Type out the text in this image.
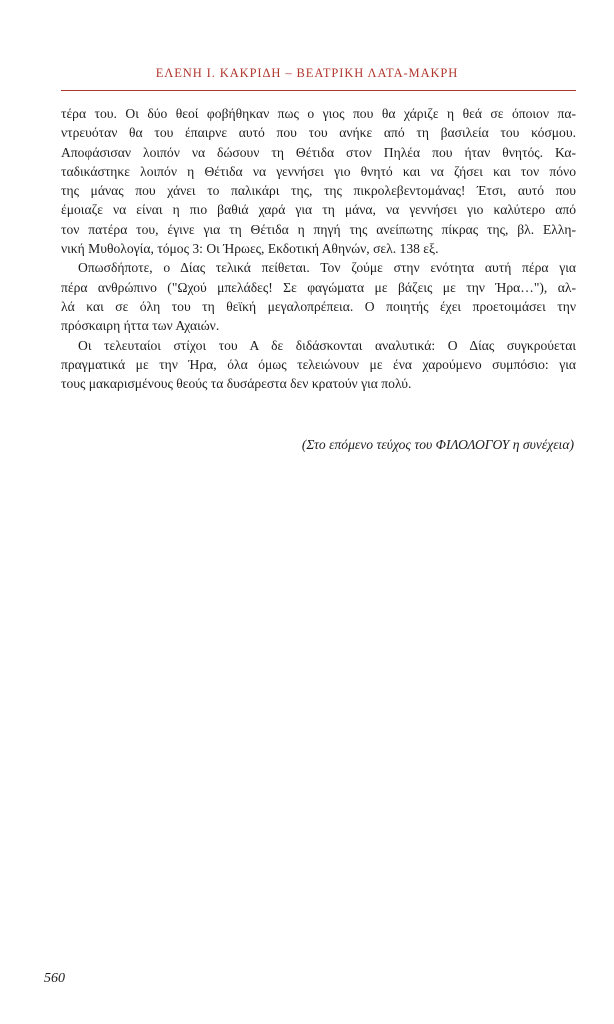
ΕΛΕΝΗ Ι. ΚΑΚΡΙΔΗ – ΒΕΑΤΡΙΚΗ ΛΑΤΑ-ΜΑΚΡΗ
τέρα του. Οι δύο θεοί φοβήθηκαν πως ο γιος που θα χάριζε η θεά σε όποιον πα-
ντρευόταν θα του έπαιρνε αυτό που του ανήκε από τη βασιλεία του κόσμου.
Αποφάσισαν λοιπόν να δώσουν τη Θέτιδα στον Πηλέα που ήταν θνητός. Κα-
ταδικάστηκε λοιπόν η Θέτιδα να γεννήσει γιο θνητό και να ζήσει και τον πόνο
της μάνας που χάνει το παλικάρι της, της πικρολεβεντομάνας! Έτσι, αυτό που
έμοιαζε να είναι η πιο βαθιά χαρά για τη μάνα, να γεννήσει γιο καλύτερο από
τον πατέρα του, έγινε για τη Θέτιδα η πηγή της ανείπωτης πίκρας της, βλ. Ελλη-
νική Μυθολογία, τόμος 3: Οι Ήρωες, Εκδοτική Αθηνών, σελ. 138 εξ.
Οπωσδήποτε, ο Δίας τελικά πείθεται. Τον ζούμε στην ενότητα αυτή πέρα για
πέρα ανθρώπινο ("Ωχού μπελάδες! Σε φαγώματα με βάζεις με την Ήρα…"), αλ-
λά και σε όλη του τη θεϊκή μεγαλοπρέπεια. Ο ποιητής έχει προετοιμάσει την
πρόσκαιρη ήττα των Αχαιών.
Οι τελευταίοι στίχοι του Α δε διδάσκονται αναλυτικά: Ο Δίας συγκρούεται
πραγματικά με την Ήρα, όλα όμως τελειώνουν με ένα χαρούμενο συμπόσιο: για
τους μακαρισμένους θεούς τα δυσάρεστα δεν κρατούν για πολύ.
(Στο επόμενο τεύχος του ΦΙΛΟΛΟΓΟΥ η συνέχεια)
560
